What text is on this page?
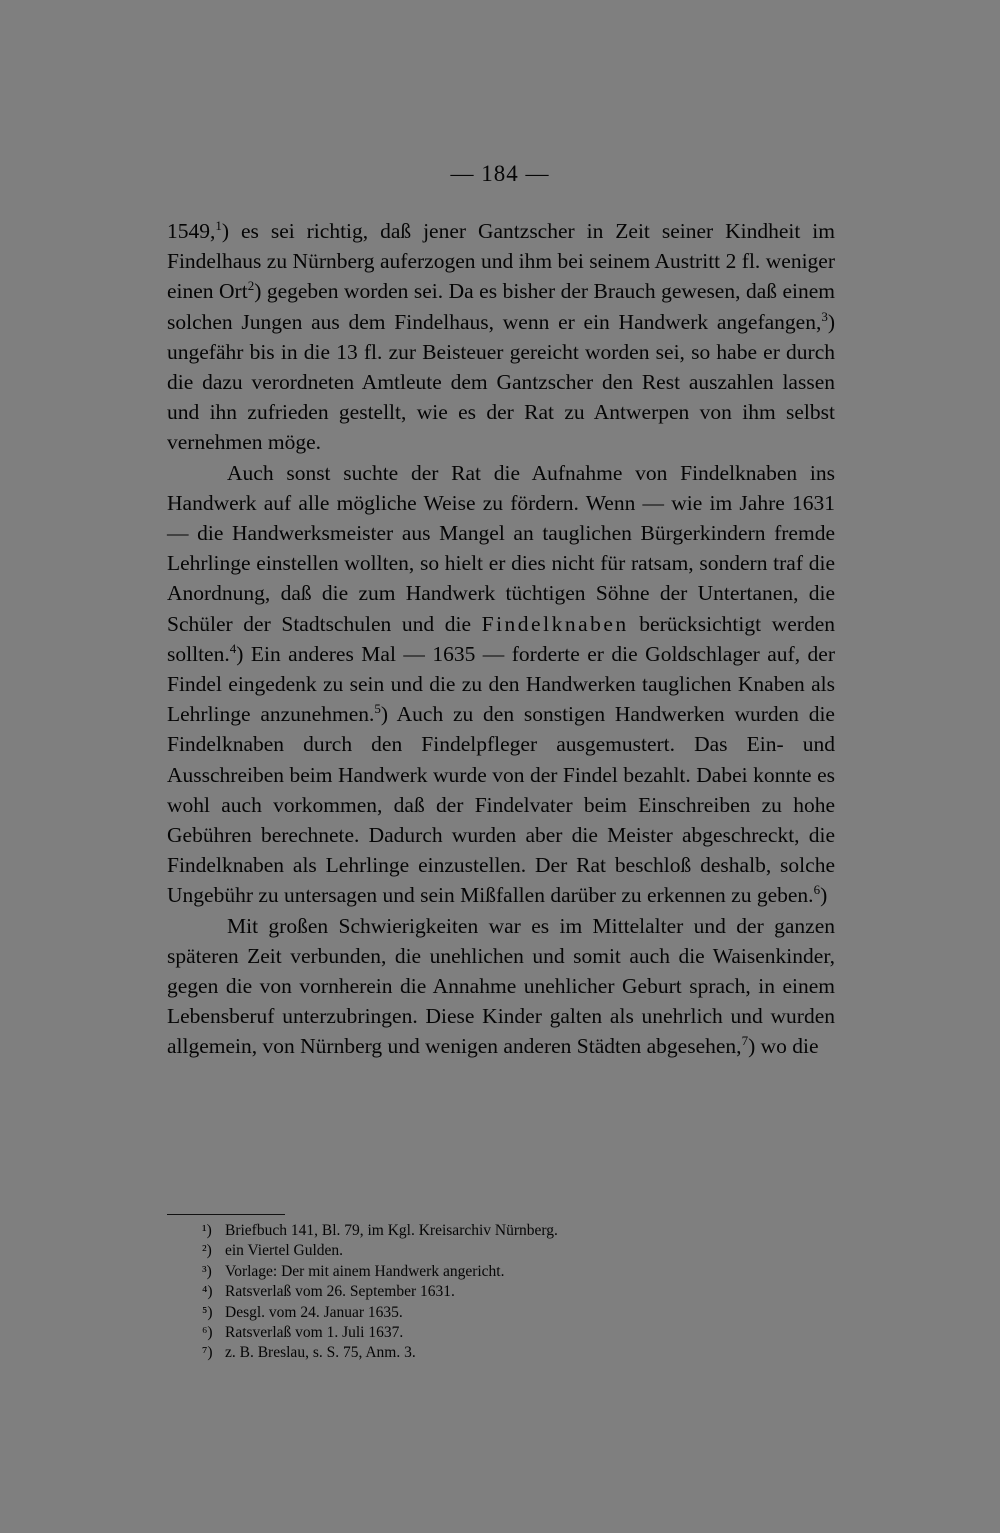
— 184 —

1549,$^1$) es sei richtig, daß jener Gantzscher in Zeit seiner Kindheit im Findelhaus zu Nürnberg auferzogen und ihm bei seinem Austritt 2 fl. weniger einen Ort$^2$) gegeben worden sei. Da es bisher der Brauch gewesen, daß einem solchen Jungen aus dem Findelhaus, wenn er ein Handwerk angefangen,$^3$) ungefähr bis in die 13 fl. zur Beisteuer gereicht worden sei, so habe er durch die dazu verordneten Amtleute dem Gantzscher den Rest auszahlen lassen und ihn zufrieden gestellt, wie es der Rat zu Antwerpen von ihm selbst vernehmen möge.

Auch sonst suchte der Rat die Aufnahme von Findelknaben ins Handwerk auf alle mögliche Weise zu fördern. Wenn — wie im Jahre 1631 — die Handwerksmeister aus Mangel an tauglichen Bürgerkindern fremde Lehrlinge einstellen wollten, so hielt er dies nicht für ratsam, sondern traf die Anordnung, daß die zum Handwerk tüchtigen Söhne der Untertanen, die Schüler der Stadtschulen und die Findelknaben berücksichtigt werden sollten.$^4$) Ein anderes Mal — 1635 — forderte er die Goldschlager auf, der Findel eingedenk zu sein und die zu den Handwerken tauglichen Knaben als Lehrlinge anzunehmen.$^5$) Auch zu den sonstigen Handwerken wurden die Findelknaben durch den Findelpfleger ausgemustert. Das Ein- und Ausschreiben beim Handwerk wurde von der Findel bezahlt. Dabei konnte es wohl auch vorkommen, daß der Findelvater beim Einschreiben zu hohe Gebühren berechnete. Dadurch wurden aber die Meister abgeschreckt, die Findelknaben als Lehrlinge einzustellen. Der Rat beschloß deshalb, solche Ungebühr zu untersagen und sein Mißfallen darüber zu erkennen zu geben.$^6$)

Mit großen Schwierigkeiten war es im Mittelalter und der ganzen späteren Zeit verbunden, die unehlichen und somit auch die Waisenkinder, gegen die von vornherein die Annahme unehlicher Geburt sprach, in einem Lebensberuf unterzubringen. Diese Kinder galten als unehrlich und wurden allgemein, von Nürnberg und wenigen anderen Städten abgesehen,$^7$) wo die

¹) Briefbuch 141, Bl. 79, im Kgl. Kreisarchiv Nürnberg.
²) ein Viertel Gulden.
³) Vorlage: Der mit ainem Handwerk angericht.
⁴) Ratsverlaß vom 26. September 1631.
⁵) Desgl. vom 24. Januar 1635.
⁶) Ratsverlaß vom 1. Juli 1637.
⁷) z. B. Breslau, s. S. 75, Anm. 3.
